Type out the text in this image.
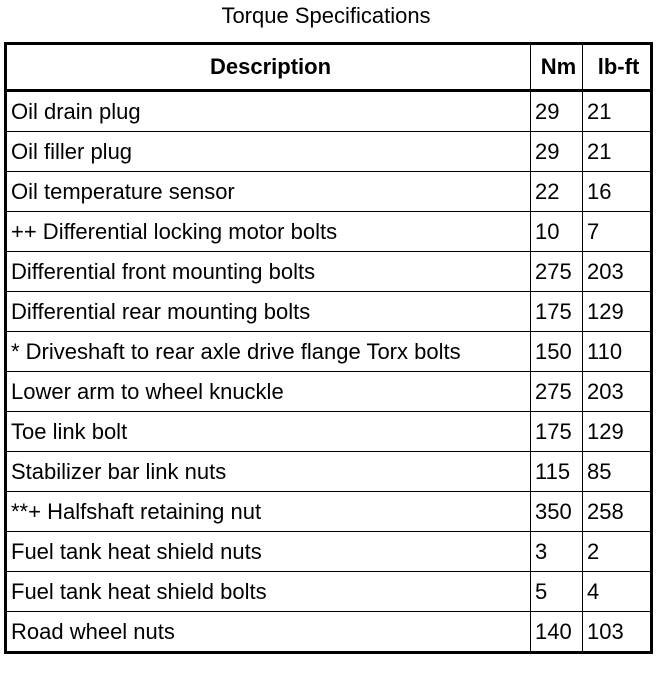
Torque Specifications
Description	Nm	lb-ft
Oil drain plug	29	21
Oil filler plug	29	21
Oil temperature sensor	22	16
++ Differential locking motor bolts	10	7
Differential front mounting bolts	275	203
Differential rear mounting bolts	175	129
* Driveshaft to rear axle drive flange Torx bolts	150	110
Lower arm to wheel knuckle	275	203
Toe link bolt	175	129
Stabilizer bar link nuts	115	85
**+ Halfshaft retaining nut	350	258
Fuel tank heat shield nuts	3	2
Fuel tank heat shield bolts	5	4
Road wheel nuts	140	103
